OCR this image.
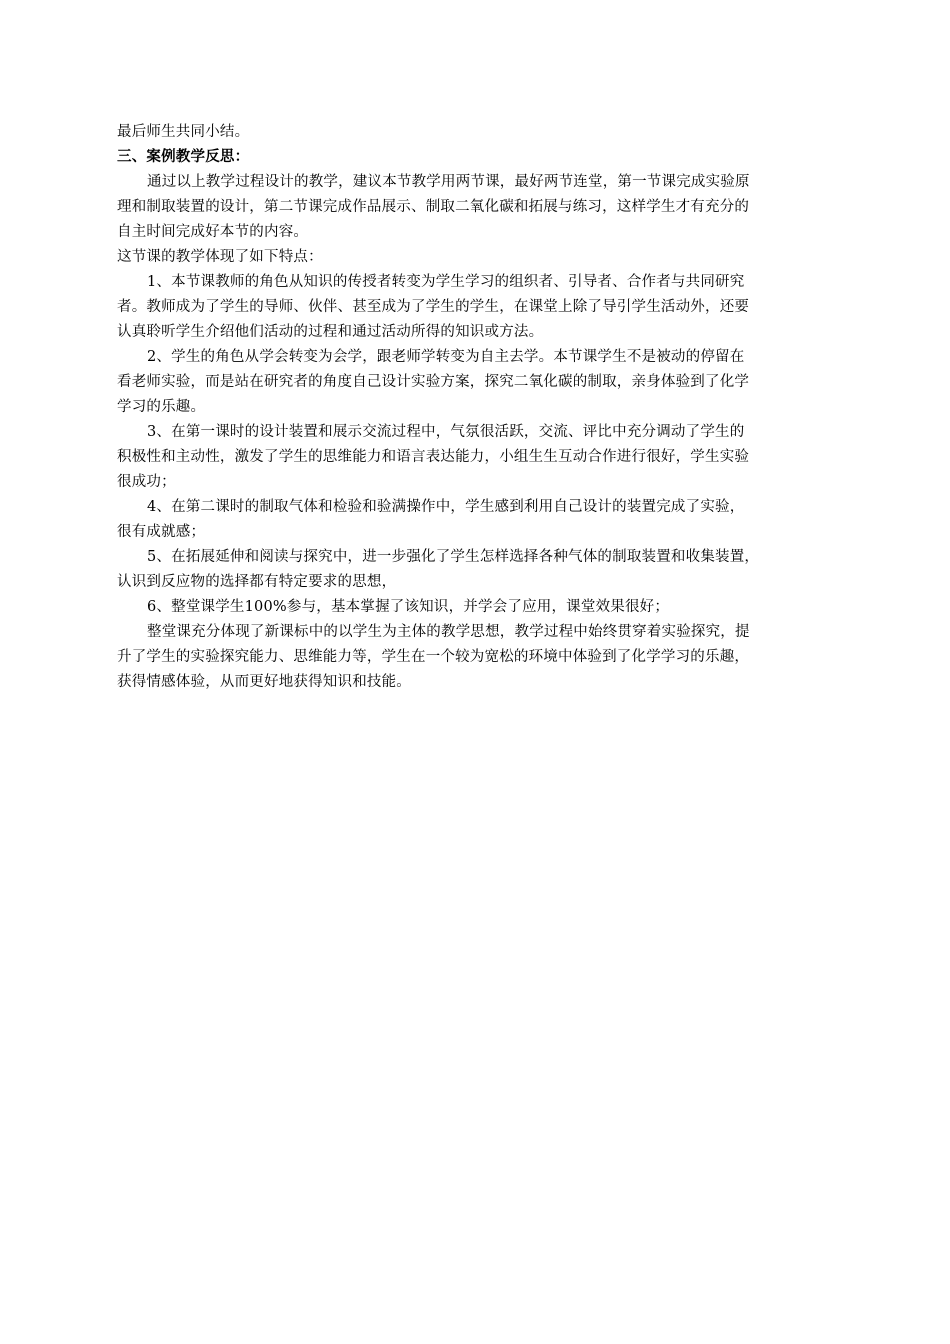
最后师生共同小结。
三、案例教学反思：
通过以上教学过程设计的教学，建议本节教学用两节课，最好两节连堂，第一节课完成实验原
理和制取装置的设计，第二节课完成作品展示、制取二氧化碳和拓展与练习，这样学生才有充分的
自主时间完成好本节的内容。
这节课的教学体现了如下特点：
1、本节课教师的角色从知识的传授者转变为学生学习的组织者、引导者、合作者与共同研究
者。教师成为了学生的导师、伙伴、甚至成为了学生的学生，在课堂上除了导引学生活动外，还要
认真聆听学生介绍他们活动的过程和通过活动所得的知识或方法。
2、学生的角色从学会转变为会学，跟老师学转变为自主去学。本节课学生不是被动的停留在
看老师实验，而是站在研究者的角度自己设计实验方案，探究二氧化碳的制取，亲身体验到了化学
学习的乐趣。
3、在第一课时的设计装置和展示交流过程中，气氛很活跃，交流、评比中充分调动了学生的
积极性和主动性，激发了学生的思维能力和语言表达能力，小组生生互动合作进行很好，学生实验
很成功；
4、在第二课时的制取气体和检验和验满操作中，学生感到利用自己设计的装置完成了实验，
很有成就感；
5、在拓展延伸和阅读与探究中，进一步强化了学生怎样选择各种气体的制取装置和收集装置，
认识到反应物的选择都有特定要求的思想，
6、整堂课学生100%参与，基本掌握了该知识，并学会了应用，课堂效果很好；
整堂课充分体现了新课标中的以学生为主体的教学思想，教学过程中始终贯穿着实验探究，提
升了学生的实验探究能力、思维能力等，学生在一个较为宽松的环境中体验到了化学学习的乐趣，
获得情感体验，从而更好地获得知识和技能。
